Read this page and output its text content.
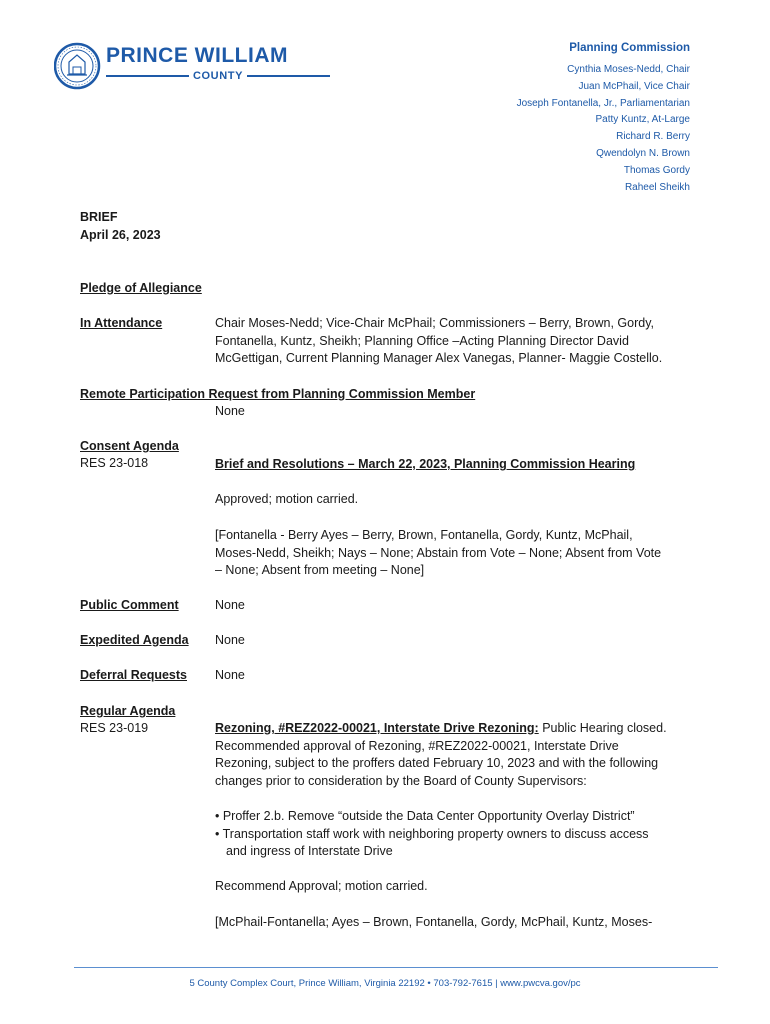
PRINCE WILLIAM
COUNTY
Planning Commission
Cynthia Moses-Nedd, Chair
Juan McPhail, Vice Chair
Joseph Fontanella, Jr., Parliamentarian
Patty Kuntz, At-Large
Richard R. Berry
Qwendolyn N. Brown
Thomas Gordy
Raheel Sheikh
BRIEF
April 26, 2023
Pledge of Allegiance
In Attendance	Chair Moses-Nedd; Vice-Chair McPhail; Commissioners – Berry, Brown, Gordy,
Fontanella, Kuntz, Sheikh; Planning Office –Acting Planning Director David
McGettigan, Current Planning Manager Alex Vanegas, Planner- Maggie Costello.
Remote Participation Request from Planning Commission Member
None
Consent Agenda
RES 23-018	Brief and Resolutions – March 22, 2023, Planning Commission Hearing
Approved; motion carried.
[Fontanella - Berry Ayes – Berry, Brown, Fontanella, Gordy, Kuntz, McPhail,
Moses-Nedd, Sheikh; Nays – None; Abstain from Vote – None; Absent from Vote
– None; Absent from meeting – None]
Public Comment	None
Expedited Agenda None
Deferral Requests None
Regular Agenda
RES 23-019	Rezoning, #REZ2022-00021, Interstate Drive Rezoning: Public Hearing closed.
Recommended approval of Rezoning, #REZ2022-00021, Interstate Drive
Rezoning, subject to the proffers dated February 10, 2023 and with the following
changes prior to consideration by the Board of County Supervisors:
• Proffer 2.b. Remove “outside the Data Center Opportunity Overlay District”
• Transportation staff work with neighboring property owners to discuss access
and ingress of Interstate Drive
Recommend Approval; motion carried.
[McPhail-Fontanella; Ayes – Brown, Fontanella, Gordy, McPhail, Kuntz, Moses-
5 County Complex Court, Prince William, Virginia 22192 • 703-792-7615 | www.pwcva.gov/pc
